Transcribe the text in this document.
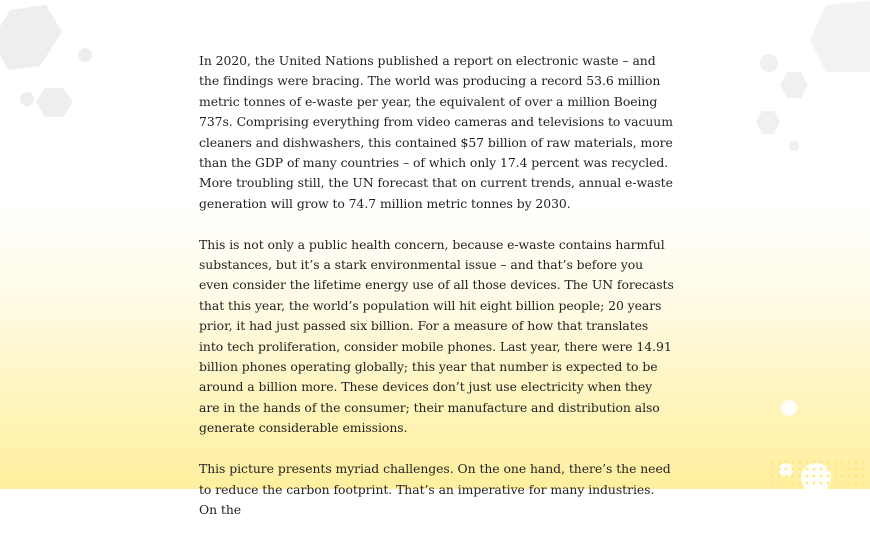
In 2020, the United Nations published a report on electronic waste – and the findings were bracing. The world was producing a record 53.6 million metric tonnes of e-waste per year, the equivalent of over a million Boeing 737s. Comprising everything from video cameras and televisions to vacuum cleaners and dishwashers, this contained $57 billion of raw materials, more than the GDP of many countries – of which only 17.4 percent was recycled. More troubling still, the UN forecast that on current trends, annual e-waste generation will grow to 74.7 million metric tonnes by 2030.

This is not only a public health concern, because e-waste contains harmful substances, but it’s a stark environmental issue – and that’s before you even consider the lifetime energy use of all those devices. The UN forecasts that this year, the world’s population will hit eight billion people; 20 years prior, it had just passed six billion. For a measure of how that translates into tech proliferation, consider mobile phones. Last year, there were 14.91 billion phones operating globally; this year that number is expected to be around a billion more. These devices don’t just use electricity when they are in the hands of the consumer; their manufacture and distribution also generate considerable emissions.

This picture presents myriad challenges. On the one hand, there’s the need to reduce the carbon footprint. That’s an imperative for many industries. On the
